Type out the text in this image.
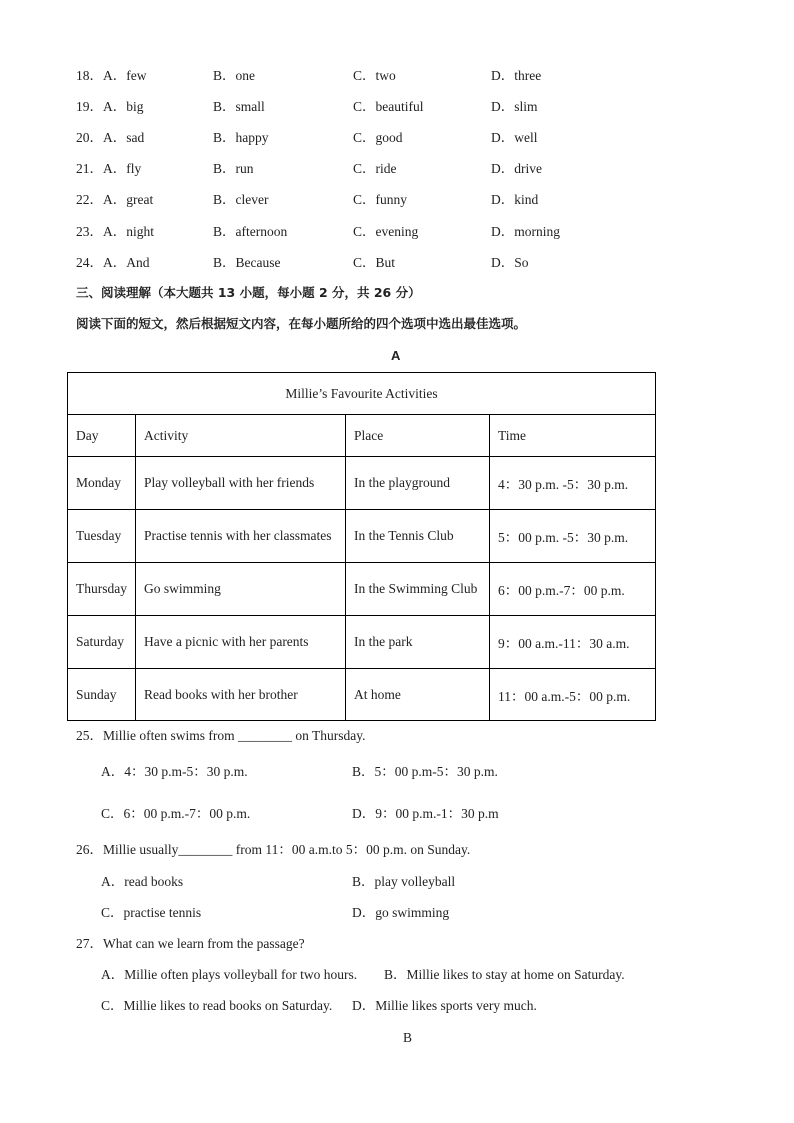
18． A．few	B．one	C．two	D．three
19． A．big	B．small	C．beautiful	D．slim
20． A．sad	B．happy	C．good	D．well
21． A．fly	B．run	C．ride	D．drive
22． A．great	B．clever	C．funny	D．kind
23． A．night	B．afternoon	C．evening	D．morning
24． A．And	B．Because	C．But	D．So
三、阅读理解（本大题共 13 小题，每小题 2 分，共 26 分）
阅读下面的短文，然后根据短文内容，在每小题所给的四个选项中选出最佳选项。
A
Millie’s Favourite Activities			
Day	Activity	Place	Time
Monday	Play volleyball with her friends	In the playground	4：30 p.m. -5：30 p.m.
Tuesday	Practise tennis with her classmates	In the Tennis Club	5：00 p.m. -5：30 p.m.
Thursday	Go swimming	In the Swimming Club	6：00 p.m.-7：00 p.m.
Saturday	Have a picnic with her parents	In the park	9：00 a.m.-11：30 a.m.
Sunday	Read books with her brother	At home	11：00 a.m.-5：00 p.m.
25．Millie often swims from ________ on Thursday.
A．4：30 p.m-5：30 p.m.	B．5：00 p.m-5：30 p.m.
C．6：00 p.m.-7：00 p.m.	D．9：00 p.m.-1：30 p.m
26．Millie usually________ from 11：00 a.m.to 5：00 p.m. on Sunday.
A．read books	B．play volleyball
C．practise tennis	D．go swimming
27．What can we learn from the passage?
A．Millie often plays volleyball for two hours. B．Millie likes to stay at home on Saturday.
C．Millie likes to read books on Saturday. D．Millie likes sports very much.
B
